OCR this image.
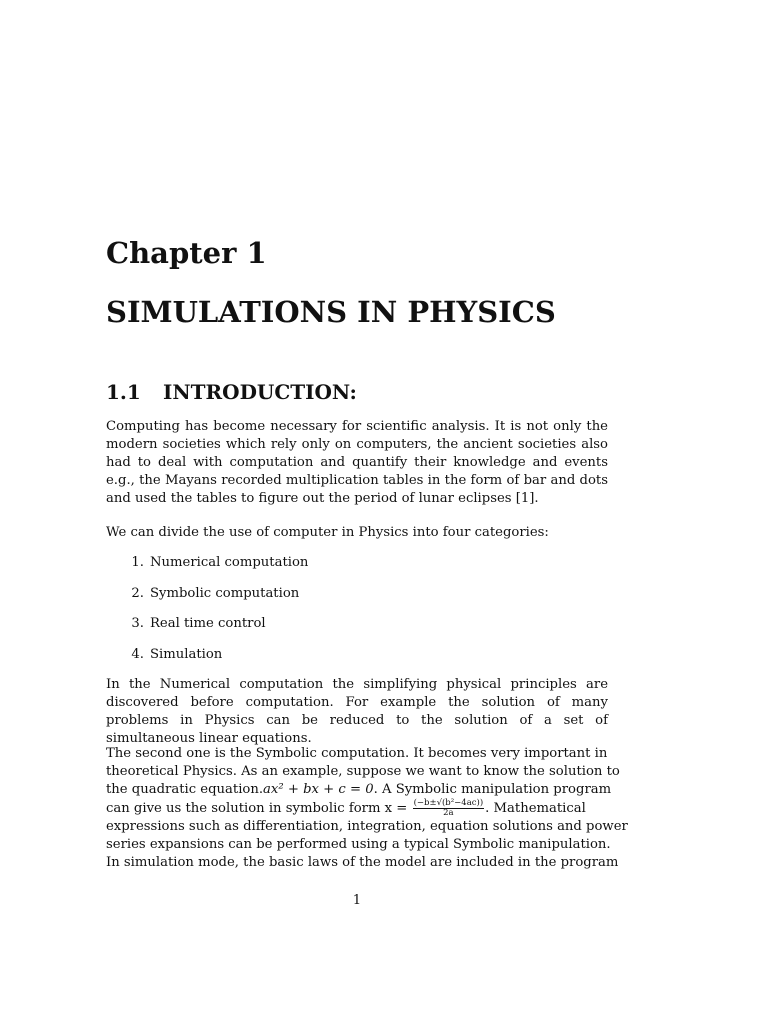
Chapter 1
SIMULATIONS IN PHYSICS
1.1 INTRODUCTION:
Computing has become necessary for scientific analysis. It is not only the modern societies which rely only on computers, the ancient societies also had to deal with computation and quantify their knowledge and events e.g., the Mayans recorded multiplication tables in the form of bar and dots and used the tables to figure out the period of lunar eclipses [1].
We can divide the use of computer in Physics into four categories:
1. Numerical computation
2. Symbolic computation
3. Real time control
4. Simulation
In the Numerical computation the simplifying physical principles are discovered before computation. For example the solution of many problems in Physics can be reduced to the solution of a set of simultaneous linear equations.
The second one is the Symbolic computation. It becomes very important in
theoretical Physics. As an example, suppose we want to know the solution to
the quadratic equation.ax² + bx + c = 0. A Symbolic manipulation program
can give us the solution in symbolic form $x = \frac{\text{(−b±√(b²−4ac))}}{2a}$ . Mathematical
expressions such as differentiation, integration, equation solutions and power
series expansions can be performed using a typical Symbolic manipulation.
In simulation mode, the basic laws of the model are included in the program
1
